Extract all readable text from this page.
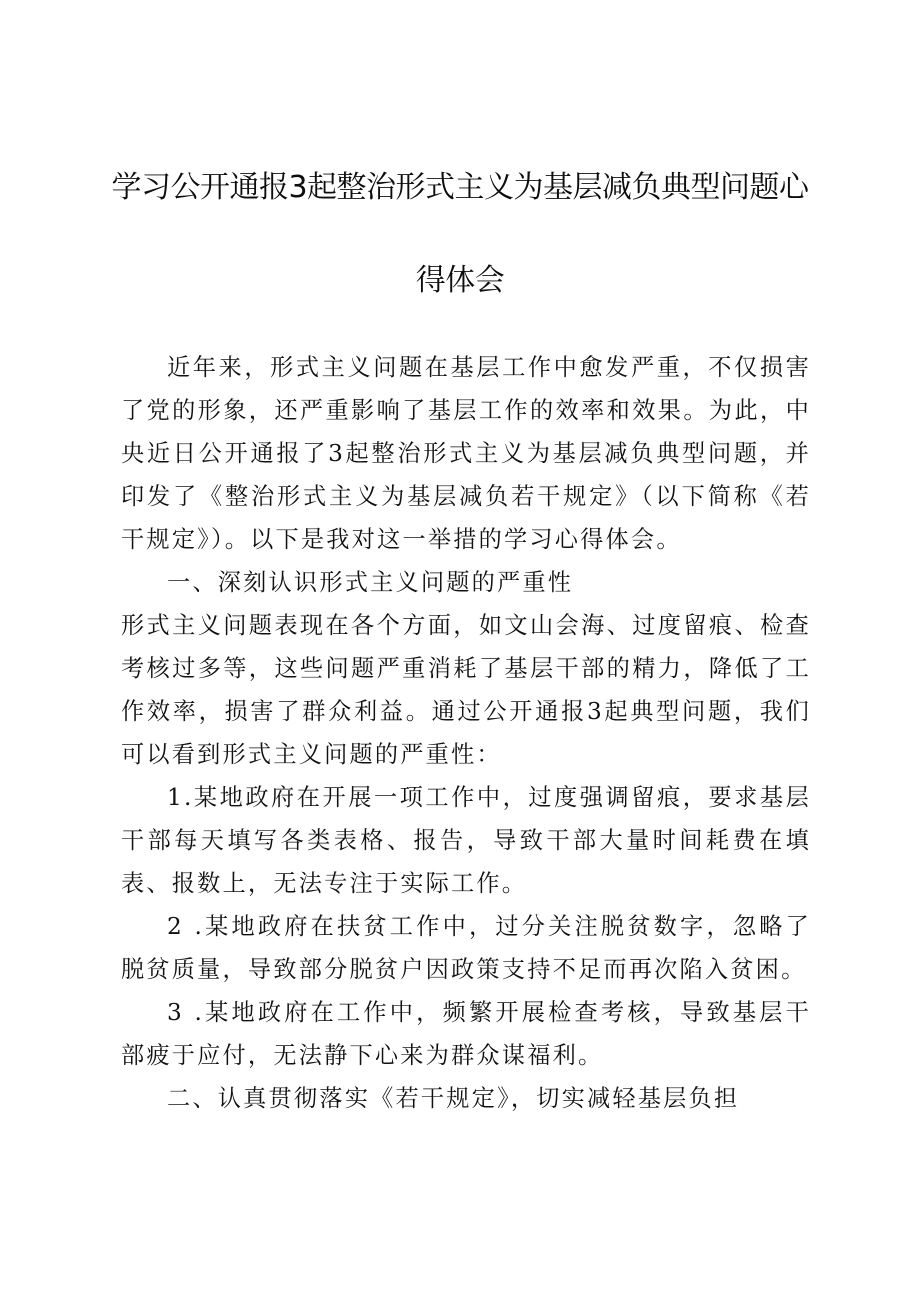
学习公开通报3起整治形式主义为基层减负典型问题心
得体会

近年来，形式主义问题在基层工作中愈发严重，不仅损害了党的形象，还严重影响了基层工作的效率和效果。为此，中央近日公开通报了3起整治形式主义为基层减负典型问题，并印发了《整治形式主义为基层减负若干规定》（以下简称《若干规定》）。以下是我对这一举措的学习心得体会。

一、深刻认识形式主义问题的严重性

形式主义问题表现在各个方面，如文山会海、过度留痕、检查考核过多等，这些问题严重消耗了基层干部的精力，降低了工作效率，损害了群众利益。通过公开通报3起典型问题，我们可以看到形式主义问题的严重性：

1.某地政府在开展一项工作中，过度强调留痕，要求基层干部每天填写各类表格、报告，导致干部大量时间耗费在填表、报数上，无法专注于实际工作。

2 .某地政府在扶贫工作中，过分关注脱贫数字，忽略了脱贫质量，导致部分脱贫户因政策支持不足而再次陷入贫困。

3 .某地政府在工作中，频繁开展检查考核，导致基层干部疲于应付，无法静下心来为群众谋福利。

二、认真贯彻落实《若干规定》，切实减轻基层负担
